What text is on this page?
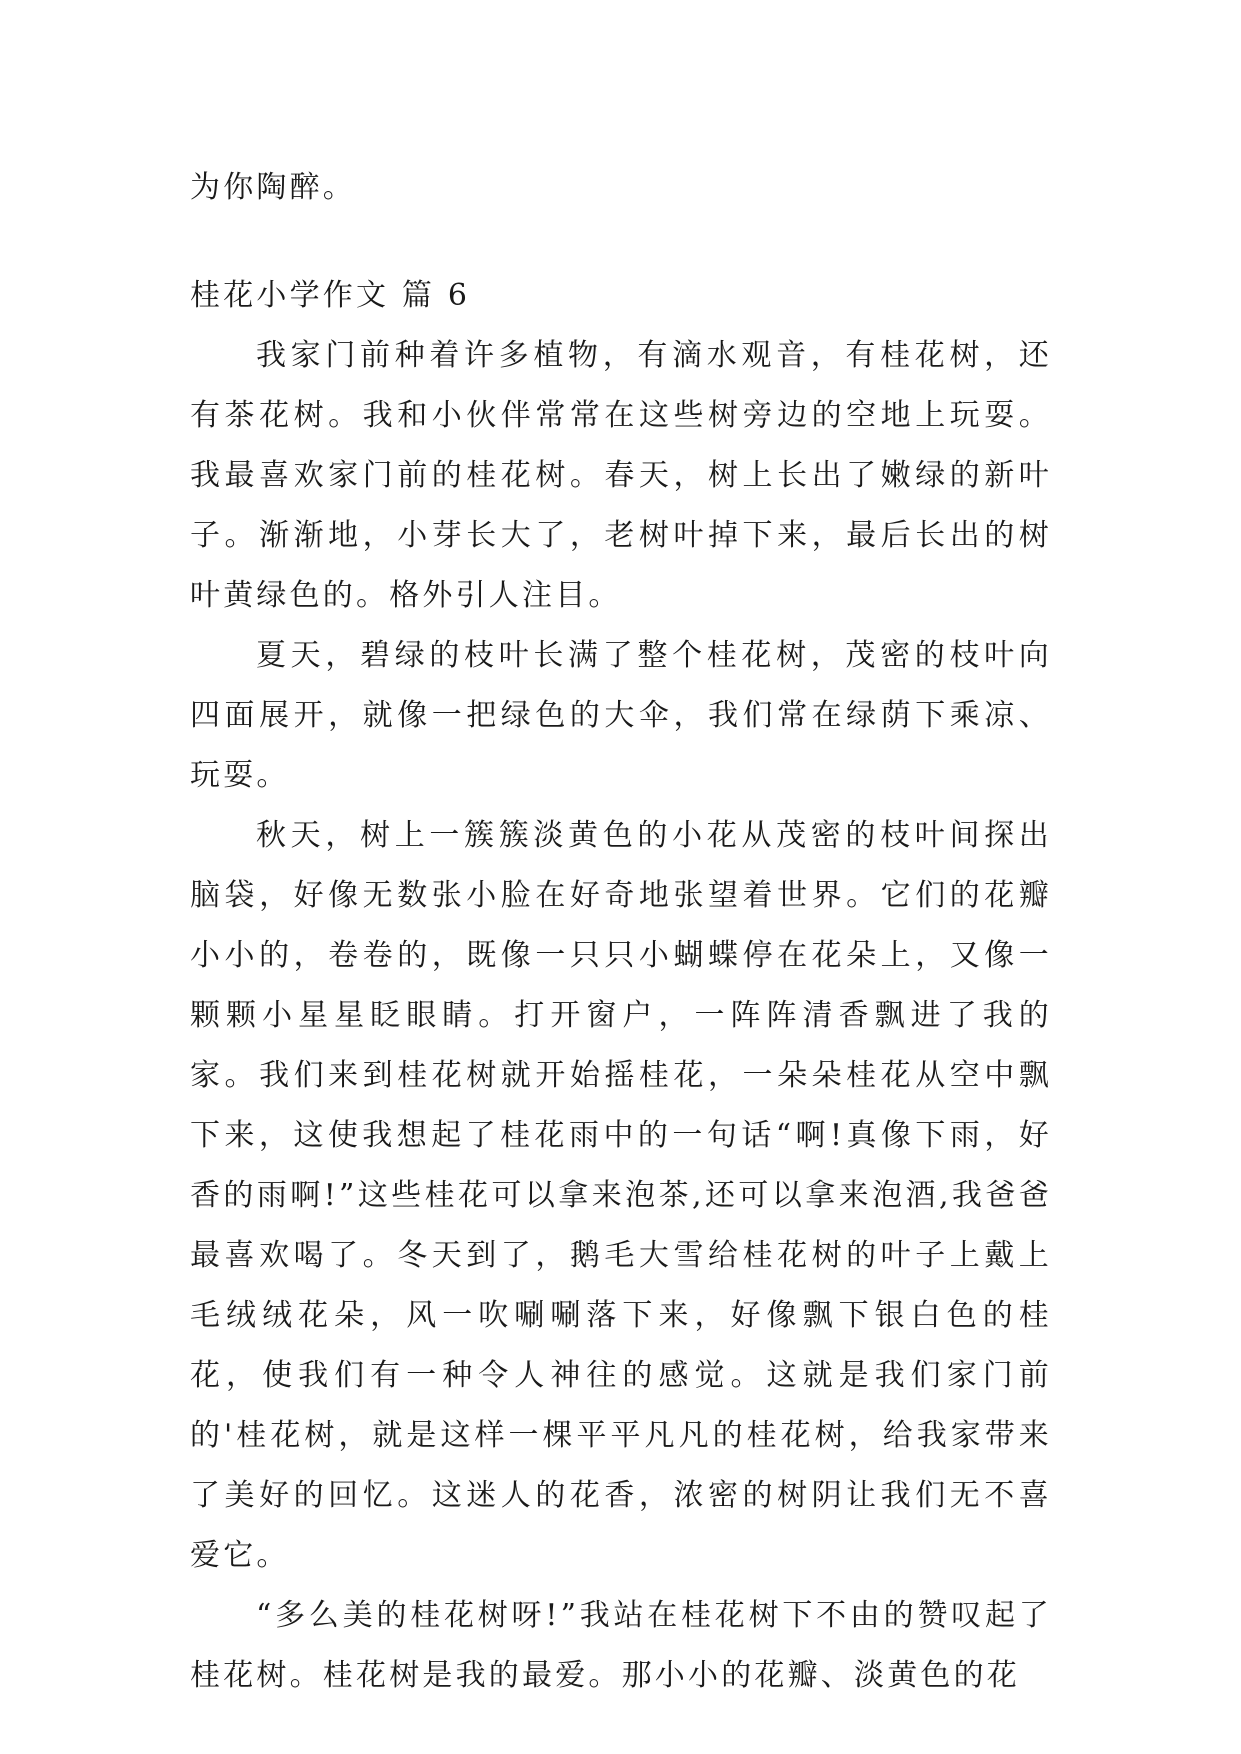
为你陶醉。

桂花小学作文 篇 6

我家门前种着许多植物，有滴水观音，有桂花树，还有茶花树。我和小伙伴常常在这些树旁边的空地上玩耍。我最喜欢家门前的桂花树。春天，树上长出了嫩绿的新叶子。渐渐地，小芽长大了，老树叶掉下来，最后长出的树叶黄绿色的。格外引人注目。

夏天，碧绿的枝叶长满了整个桂花树，茂密的枝叶向四面展开，就像一把绿色的大伞，我们常在绿荫下乘凉、玩耍。

秋天，树上一簇簇淡黄色的小花从茂密的枝叶间探出脑袋，好像无数张小脸在好奇地张望着世界。它们的花瓣小小的，卷卷的，既像一只只小蝴蝶停在花朵上，又像一颗颗小星星眨眼睛。打开窗户，一阵阵清香飘进了我的家。我们来到桂花树就开始摇桂花，一朵朵桂花从空中飘下来，这使我想起了桂花雨中的一句话“啊!真像下雨，好香的雨啊!”这些桂花可以拿来泡茶,还可以拿来泡酒,我爸爸最喜欢喝了。冬天到了，鹅毛大雪给桂花树的叶子上戴上毛绒绒花朵，风一吹唰唰落下来，好像飘下银白色的桂花，使我们有一种令人神往的感觉。这就是我们家门前的'桂花树，就是这样一棵平平凡凡的桂花树，给我家带来了美好的回忆。这迷人的花香，浓密的树阴让我们无不喜爱它。

“多么美的桂花树呀!”我站在桂花树下不由的赞叹起了桂花树。桂花树是我的最爱。那小小的花瓣、淡黄色的花
